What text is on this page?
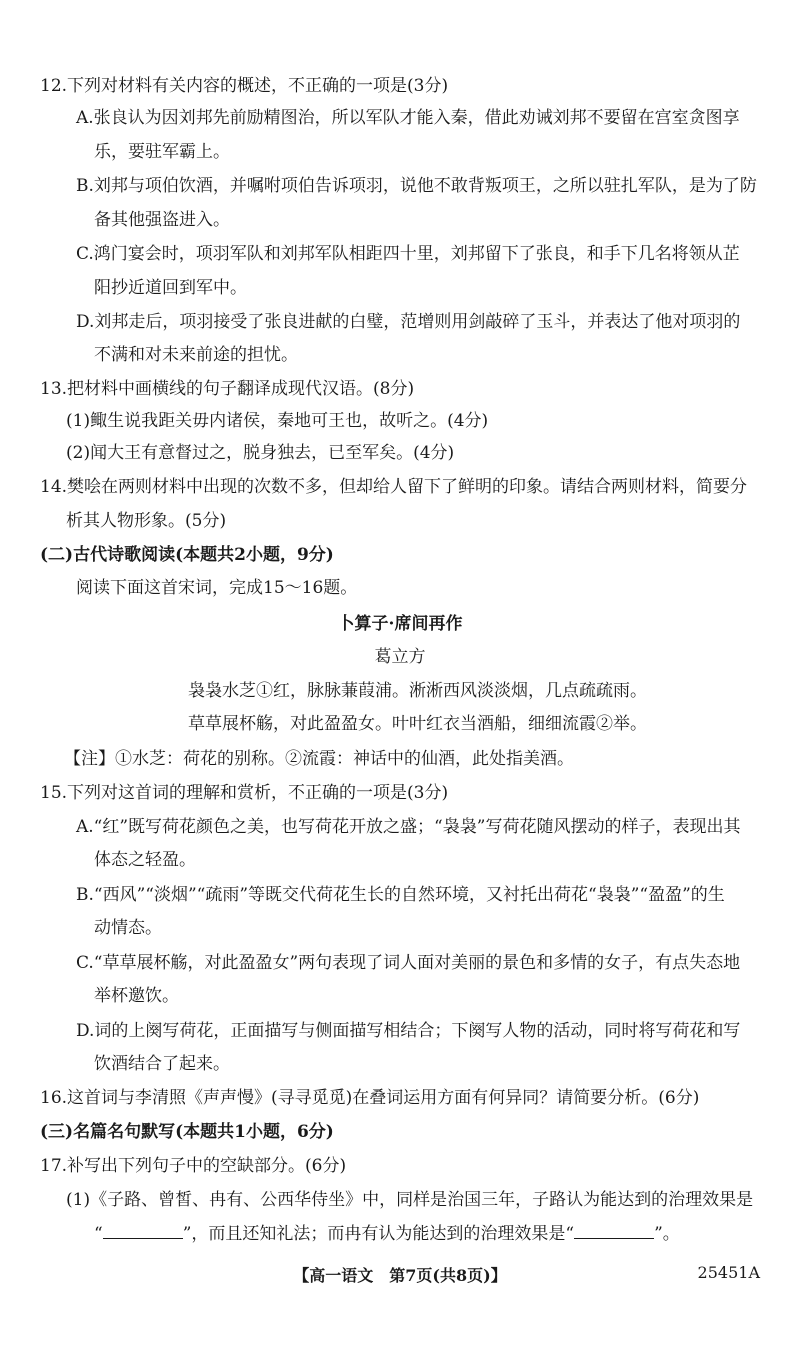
12.下列对材料有关内容的概述，不正确的一项是(3分)
A.张良认为因刘邦先前励精图治，所以军队才能入秦，借此劝诫刘邦不要留在宫室贪图享
乐，要驻军霸上。
B.刘邦与项伯饮酒，并嘱咐项伯告诉项羽，说他不敢背叛项王，之所以驻扎军队，是为了防
备其他强盗进入。
C.鸿门宴会时，项羽军队和刘邦军队相距四十里，刘邦留下了张良，和手下几名将领从芷
阳抄近道回到军中。
D.刘邦走后，项羽接受了张良进献的白璧，范增则用剑敲碎了玉斗，并表达了他对项羽的
不满和对未来前途的担忧。
13.把材料中画横线的句子翻译成现代汉语。(8分)
(1)鲰生说我距关毋内诸侯，秦地可王也，故听之。(4分)
(2)闻大王有意督过之，脱身独去，已至军矣。(4分)
14.樊哙在两则材料中出现的次数不多，但却给人留下了鲜明的印象。请结合两则材料，简要分
析其人物形象。(5分)
(二)古代诗歌阅读(本题共2小题，9分)
阅读下面这首宋词，完成15～16题。
卜算子·席间再作
葛立方
袅袅水芝①红，脉脉蒹葭浦。淅淅西风淡淡烟，几点疏疏雨。
草草展杯觞，对此盈盈女。叶叶红衣当酒船，细细流霞②举。
【注】①水芝：荷花的别称。②流霞：神话中的仙酒，此处指美酒。
15.下列对这首词的理解和赏析，不正确的一项是(3分)
A.“红”既写荷花颜色之美，也写荷花开放之盛；“袅袅”写荷花随风摆动的样子，表现出其
体态之轻盈。
B.“西风”“淡烟”“疏雨”等既交代荷花生长的自然环境，又衬托出荷花“袅袅”“盈盈”的生
动情态。
C.“草草展杯觞，对此盈盈女”两句表现了词人面对美丽的景色和多情的女子，有点失态地
举杯邀饮。
D.词的上阕写荷花，正面描写与侧面描写相结合；下阕写人物的活动，同时将写荷花和写
饮酒结合了起来。
16.这首词与李清照《声声慢》(寻寻觅觅)在叠词运用方面有何异同？请简要分析。(6分)
(三)名篇名句默写(本题共1小题，6分)
17.补写出下列句子中的空缺部分。(6分)
(1)《子路、曾皙、冉有、公西华侍坐》中，同样是治国三年，子路认为能达到的治理效果是
“	”，而且还知礼法；而冉有认为能达到的治理效果是“	”。
【高一语文　第7页(共8页)】	25451A
